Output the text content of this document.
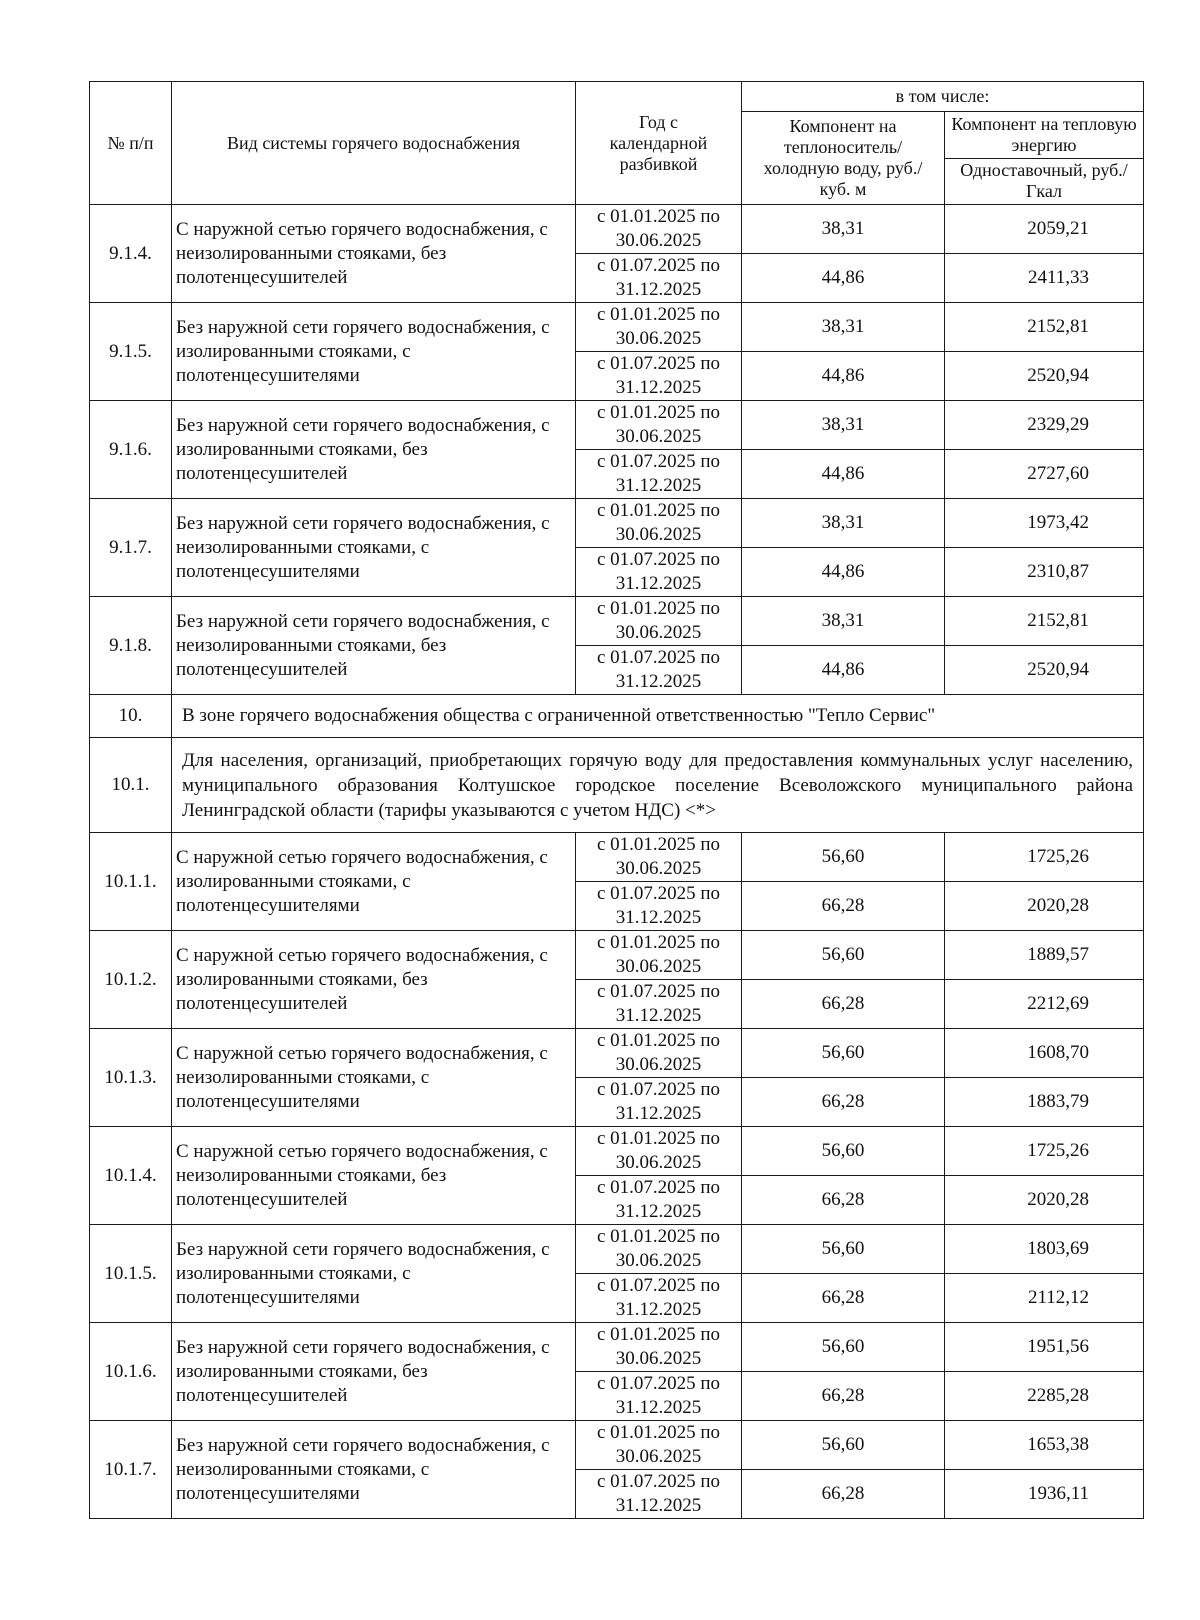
№ п/п	Вид системы горячего водоснабжения	Год с календарной разбивкой	в том числе:	
			Компонент на теплоноситель/ холодную воду, руб./куб. м	Компонент на тепловую энергию
				Одноставочный, руб./Гкал
9.1.4.	С наружной сетью горячего водоснабжения, с неизолированными стояками, без полотенцесушителей	с 01.01.2025 по 30.06.2025	38,31	2059,21
		с 01.07.2025 по 31.12.2025	44,86	2411,33
9.1.5.	Без наружной сети горячего водоснабжения, с изолированными стояками, с полотенцесушителями	с 01.01.2025 по 30.06.2025	38,31	2152,81
		с 01.07.2025 по 31.12.2025	44,86	2520,94
9.1.6.	Без наружной сети горячего водоснабжения, с изолированными стояками, без полотенцесушителей	с 01.01.2025 по 30.06.2025	38,31	2329,29
		с 01.07.2025 по 31.12.2025	44,86	2727,60
9.1.7.	Без наружной сети горячего водоснабжения, с неизолированными стояками, с полотенцесушителями	с 01.01.2025 по 30.06.2025	38,31	1973,42
		с 01.07.2025 по 31.12.2025	44,86	2310,87
9.1.8.	Без наружной сети горячего водоснабжения, с неизолированными стояками, без полотенцесушителей	с 01.01.2025 по 30.06.2025	38,31	2152,81
		с 01.07.2025 по 31.12.2025	44,86	2520,94
10.	В зоне горячего водоснабжения общества с ограниченной ответственностью "Тепло Сервис"			
10.1.	Для населения, организаций, приобретающих горячую воду для предоставления коммунальных услуг населению, муниципального образования Колтушское городское поселение Всеволожского муниципального района Ленинградской области (тарифы указываются с учетом НДС) <*>			
10.1.1.	С наружной сетью горячего водоснабжения, с изолированными стояками, с полотенцесушителями	с 01.01.2025 по 30.06.2025	56,60	1725,26
		с 01.07.2025 по 31.12.2025	66,28	2020,28
10.1.2.	С наружной сетью горячего водоснабжения, с изолированными стояками, без полотенцесушителей	с 01.01.2025 по 30.06.2025	56,60	1889,57
		с 01.07.2025 по 31.12.2025	66,28	2212,69
10.1.3.	С наружной сетью горячего водоснабжения, с неизолированными стояками, с полотенцесушителями	с 01.01.2025 по 30.06.2025	56,60	1608,70
		с 01.07.2025 по 31.12.2025	66,28	1883,79
10.1.4.	С наружной сетью горячего водоснабжения, с неизолированными стояками, без полотенцесушителей	с 01.01.2025 по 30.06.2025	56,60	1725,26
		с 01.07.2025 по 31.12.2025	66,28	2020,28
10.1.5.	Без наружной сети горячего водоснабжения, с изолированными стояками, с полотенцесушителями	с 01.01.2025 по 30.06.2025	56,60	1803,69
		с 01.07.2025 по 31.12.2025	66,28	2112,12
10.1.6.	Без наружной сети горячего водоснабжения, с изолированными стояками, без полотенцесушителей	с 01.01.2025 по 30.06.2025	56,60	1951,56
		с 01.07.2025 по 31.12.2025	66,28	2285,28
10.1.7.	Без наружной сети горячего водоснабжения, с неизолированными стояками, с полотенцесушителями	с 01.01.2025 по 30.06.2025	56,60	1653,38
		с 01.07.2025 по 31.12.2025	66,28	1936,11
